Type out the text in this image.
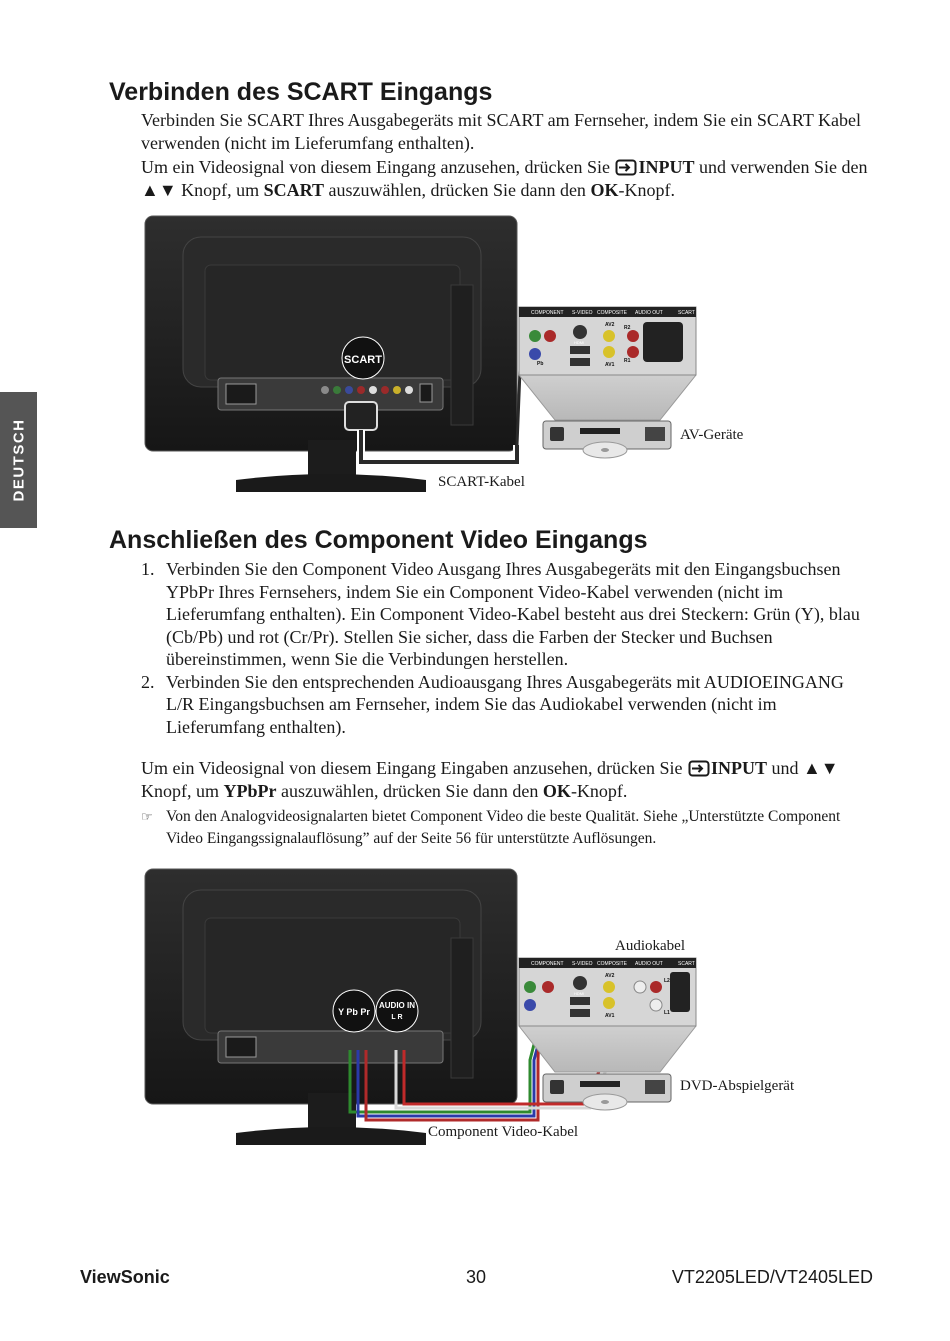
DEUTSCH
Verbinden des SCART Eingangs

Verbinden Sie SCART Ihres Ausgabegeräts mit SCART am Fernseher, indem Sie ein SCART Kabel verwenden (nicht im Lieferumfang enthalten).

Um ein Videosignal von diesem Eingang anzusehen, drücken Sie INPUT und verwenden Sie den ▲▼ Knopf, um SCART auszuwählen, drücken Sie dann den OK-Knopf.

SCART
COMPONENT S-VIDEO COMPOSITE AUDIO OUT	SCART
AV2
AV1
R2
R1
Pb
HDMI
AV-Geräte
SCART-Kabel
Anschließen des Component Video Eingangs
1. Verbinden Sie den Component Video Ausgang Ihres Ausgabegeräts mit den Eingangsbuchsen YPbPr Ihres Fernsehers, indem Sie ein Component Video-Kabel verwenden (nicht im Lieferumfang enthalten). Ein Component Video-Kabel besteht aus drei Steckern: Grün (Y), blau (Cb/Pb) und rot (Cr/Pr). Stellen Sie sicher, dass die Farben der Stecker und Buchsen übereinstimmen, wenn Sie die Verbindungen herstellen.
2. Verbinden Sie den entsprechenden Audioausgang Ihres Ausgabegeräts mit AUDIOEINGANG L/R Eingangsbuchsen am Fernseher, indem Sie das Audiokabel verwenden (nicht im Lieferumfang enthalten).

Um ein Videosignal von diesem Eingang Eingaben anzusehen, drücken Sie INPUT und ▲▼ Knopf, um YPbPr auszuwählen, drücken Sie dann den OK-Knopf.

☞ Von den Analogvideosignalarten bietet Component Video die beste Qualität. Siehe „Unterstützte Component Video Eingangssignalauflösung” auf der Seite 56 für unterstützte Auflösungen.
Y Pb Pr
AUDIO IN
L R
COMPONENT S-VIDEO COMPOSITE AUDIO OUT	SCART
AV2
AV1
L2
L1
HDMI
Audiokabel
DVD-Abspielgerät
Component Video-Kabel
ViewSonic	30	VT2205LED/VT2405LED
